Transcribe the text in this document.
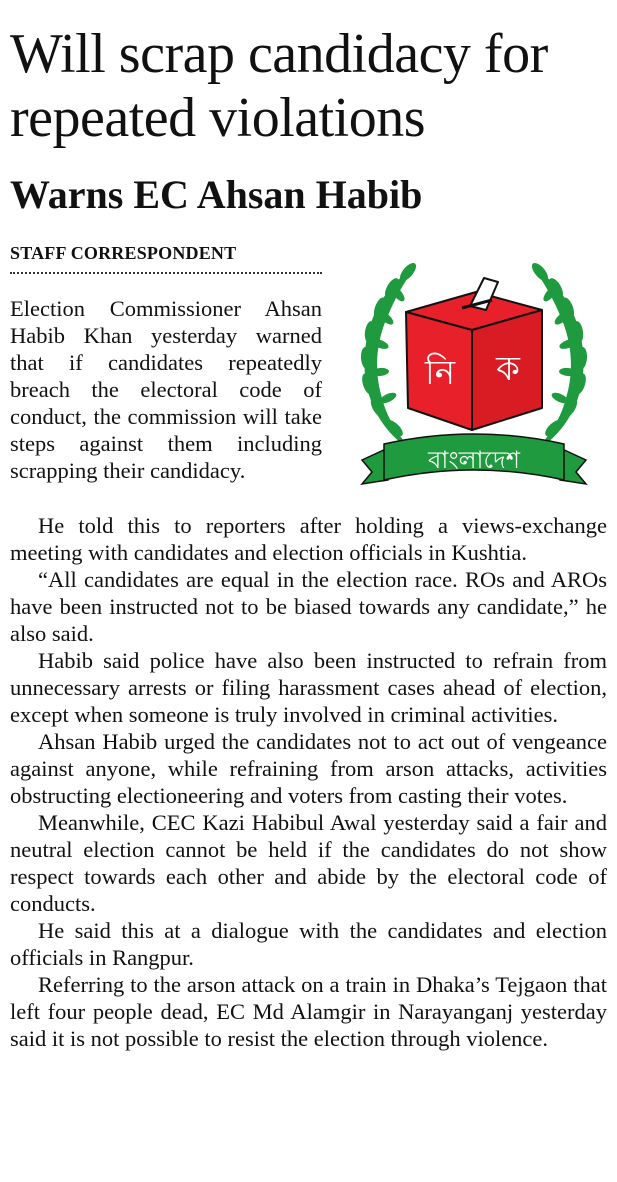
Will scrap candidacy for repeated violations
Warns EC Ahsan Habib
STAFF CORRESPONDENT

Election Commissioner Ahsan Habib Khan yesterday warned that if candidates repeatedly breach the electoral code of conduct, the commission will take steps against them including scrapping their candidacy.

নি ক
বাংলাদেশ

He told this to reporters after holding a views-exchange meeting with candidates and election officials in Kushtia.

“All candidates are equal in the election race. ROs and AROs have been instructed not to be biased towards any candidate,” he also said.

Habib said police have also been instructed to refrain from unnecessary arrests or filing harassment cases ahead of election, except when someone is truly involved in criminal activities.

Ahsan Habib urged the candidates not to act out of vengeance against anyone, while refraining from arson attacks, activities obstructing electioneering and voters from casting their votes.

Meanwhile, CEC Kazi Habibul Awal yesterday said a fair and neutral election cannot be held if the candidates do not show respect towards each other and abide by the electoral code of conducts.

He said this at a dialogue with the candidates and election officials in Rangpur.

Referring to the arson attack on a train in Dhaka’s Tejgaon that left four people dead, EC Md Alamgir in Narayanganj yesterday said it is not possible to resist the election through violence.
